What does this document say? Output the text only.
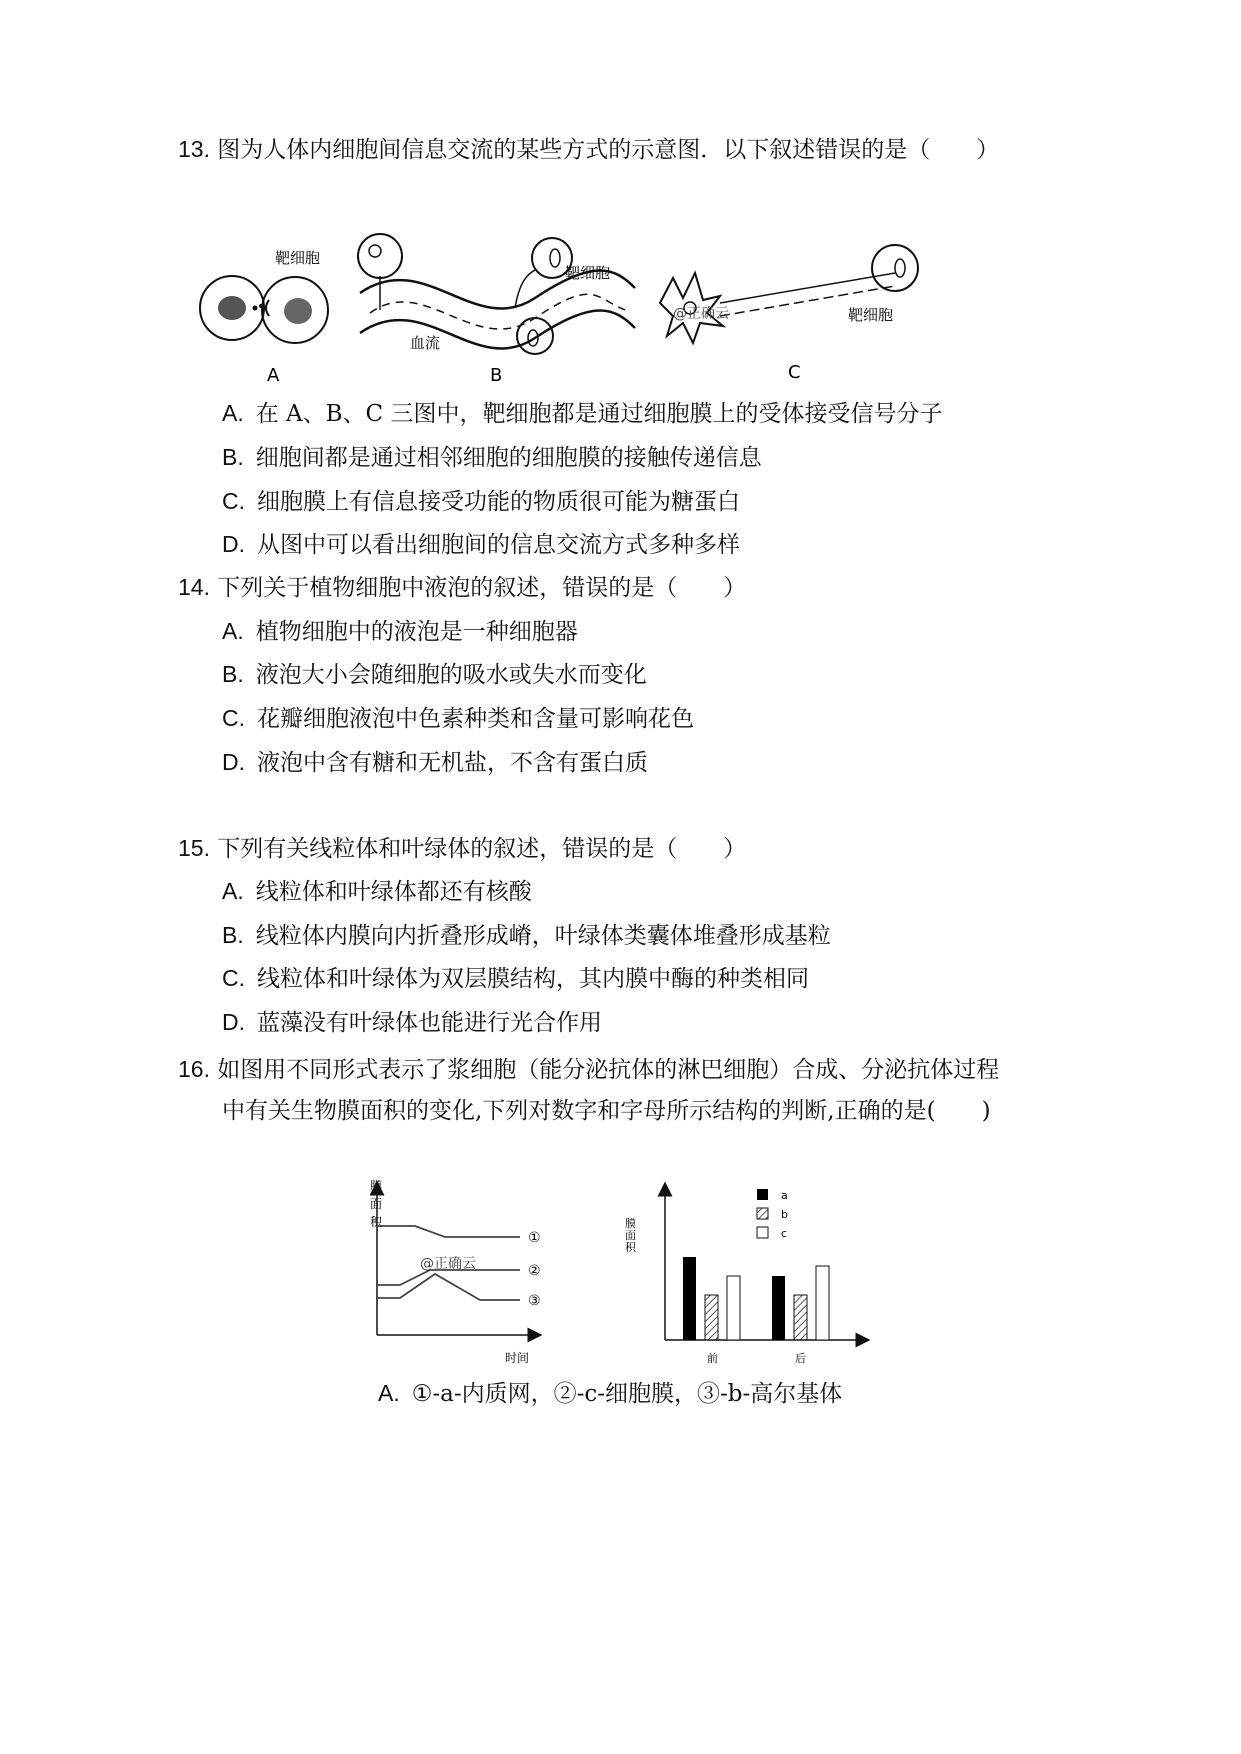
13. 图为人体内细胞间信息交流的某些方式的示意图．以下叙述错误的是（　　）
靶细胞
靶细胞
血流
@正确云	靶细胞
A	B	C
A. 在 A、B、C 三图中，靶细胞都是通过细胞膜上的受体接受信号分子
B. 细胞间都是通过相邻细胞的细胞膜的接触传递信息
C. 细胞膜上有信息接受功能的物质很可能为糖蛋白
D. 从图中可以看出细胞间的信息交流方式多种多样
14. 下列关于植物细胞中液泡的叙述，错误的是（　　）
A. 植物细胞中的液泡是一种细胞器
B. 液泡大小会随细胞的吸水或失水而变化
C. 花瓣细胞液泡中色素种类和含量可影响花色
D. 液泡中含有糖和无机盐，不含有蛋白质
15. 下列有关线粒体和叶绿体的叙述，错误的是（　　）
A. 线粒体和叶绿体都还有核酸
B. 线粒体内膜向内折叠形成嵴，叶绿体类囊体堆叠形成基粒
C. 线粒体和叶绿体为双层膜结构，其内膜中酶的种类相同
D. 蓝藻没有叶绿体也能进行光合作用
16. 如图用不同形式表示了浆细胞（能分泌抗体的淋巴细胞）合成、分泌抗体过程
中有关生物膜面积的变化,下列对数字和字母所示结构的判断,正确的是(　　)
膜
面
积
①
②
③
@正确云
时间
膜
面
积
a
b
c
前	后
A. ①-a-内质网，②-c-细胞膜，③-b-高尔基体
